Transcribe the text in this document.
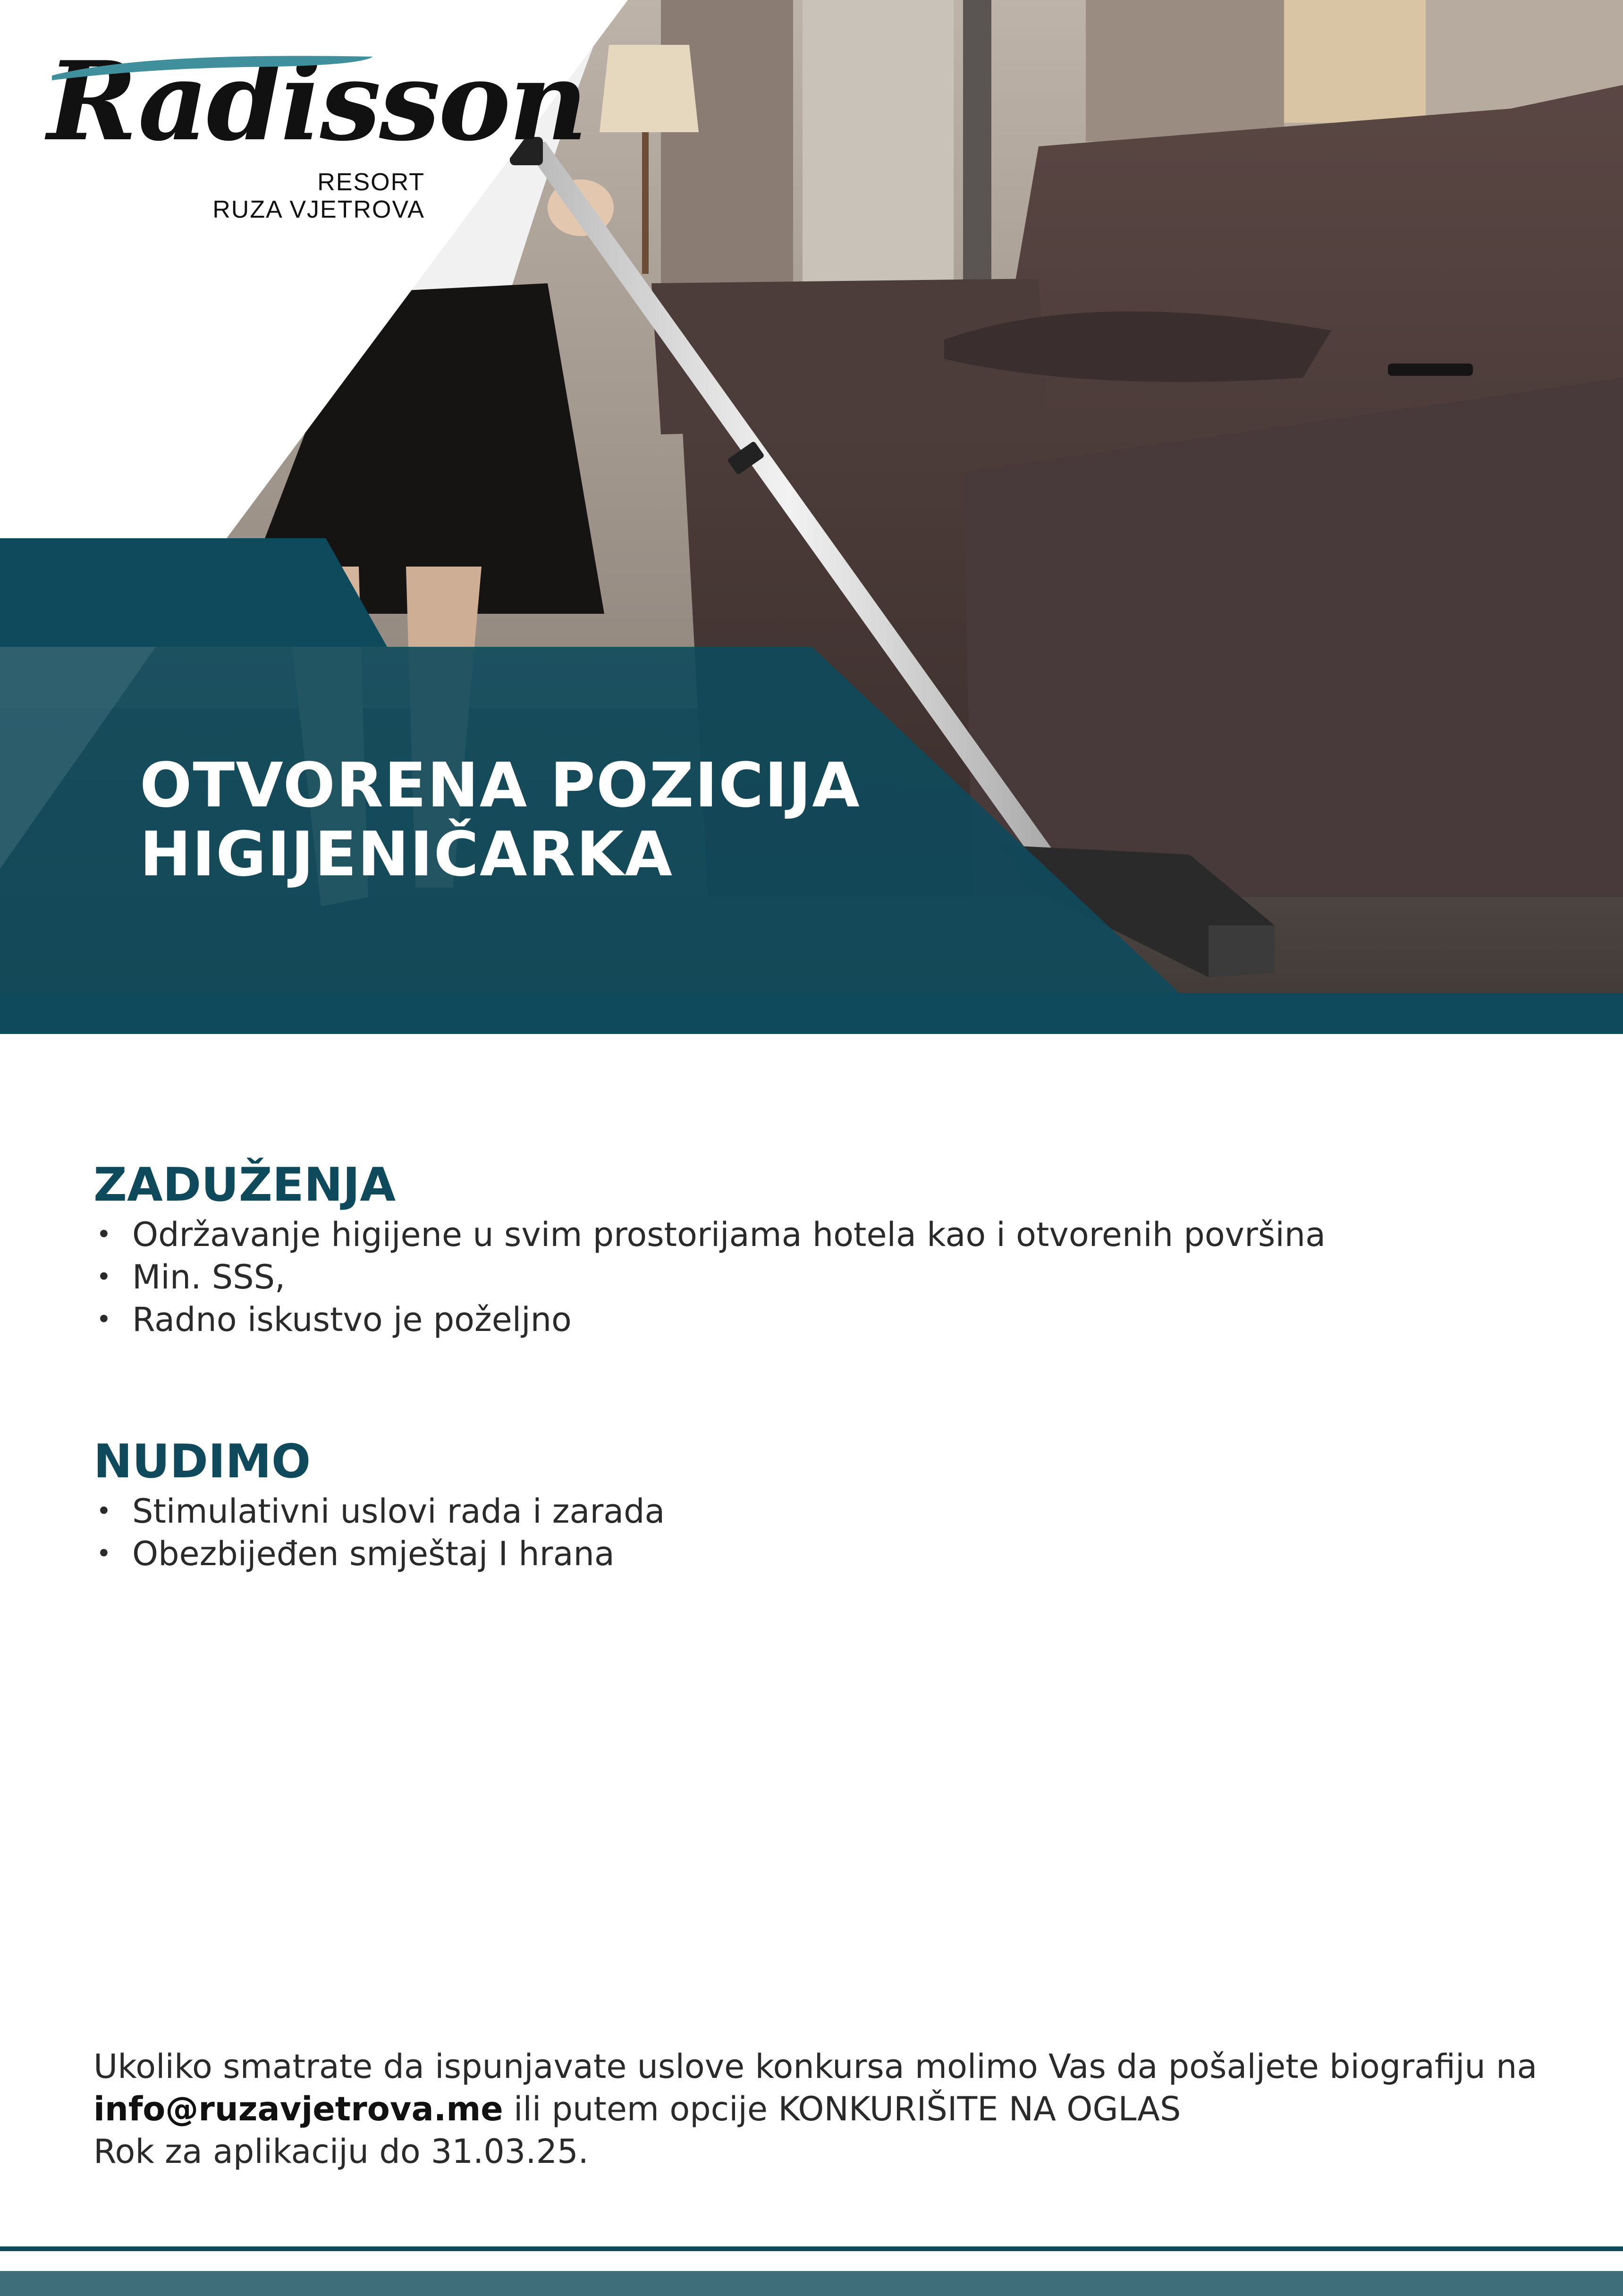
Radisson
RESORT
RUZA VJETROVA
OTVORENA POZICIJA
HIGIJENIČARKA
ZADUŽENJA
• Održavanje higijene u svim prostorijama hotela kao i otvorenih površina
• Min. SSS,
• Radno iskustvo je poželjno
NUDIMO
• Stimulativni uslovi rada i zarada
• Obezbijeđen smještaj I hrana
Ukoliko smatrate da ispunjavate uslove konkursa molimo Vas da pošaljete biografiju na
info@ruzavjetrova.me ili putem opcije KONKURIŠITE NA OGLAS
Rok za aplikaciju do 31.03.25.
